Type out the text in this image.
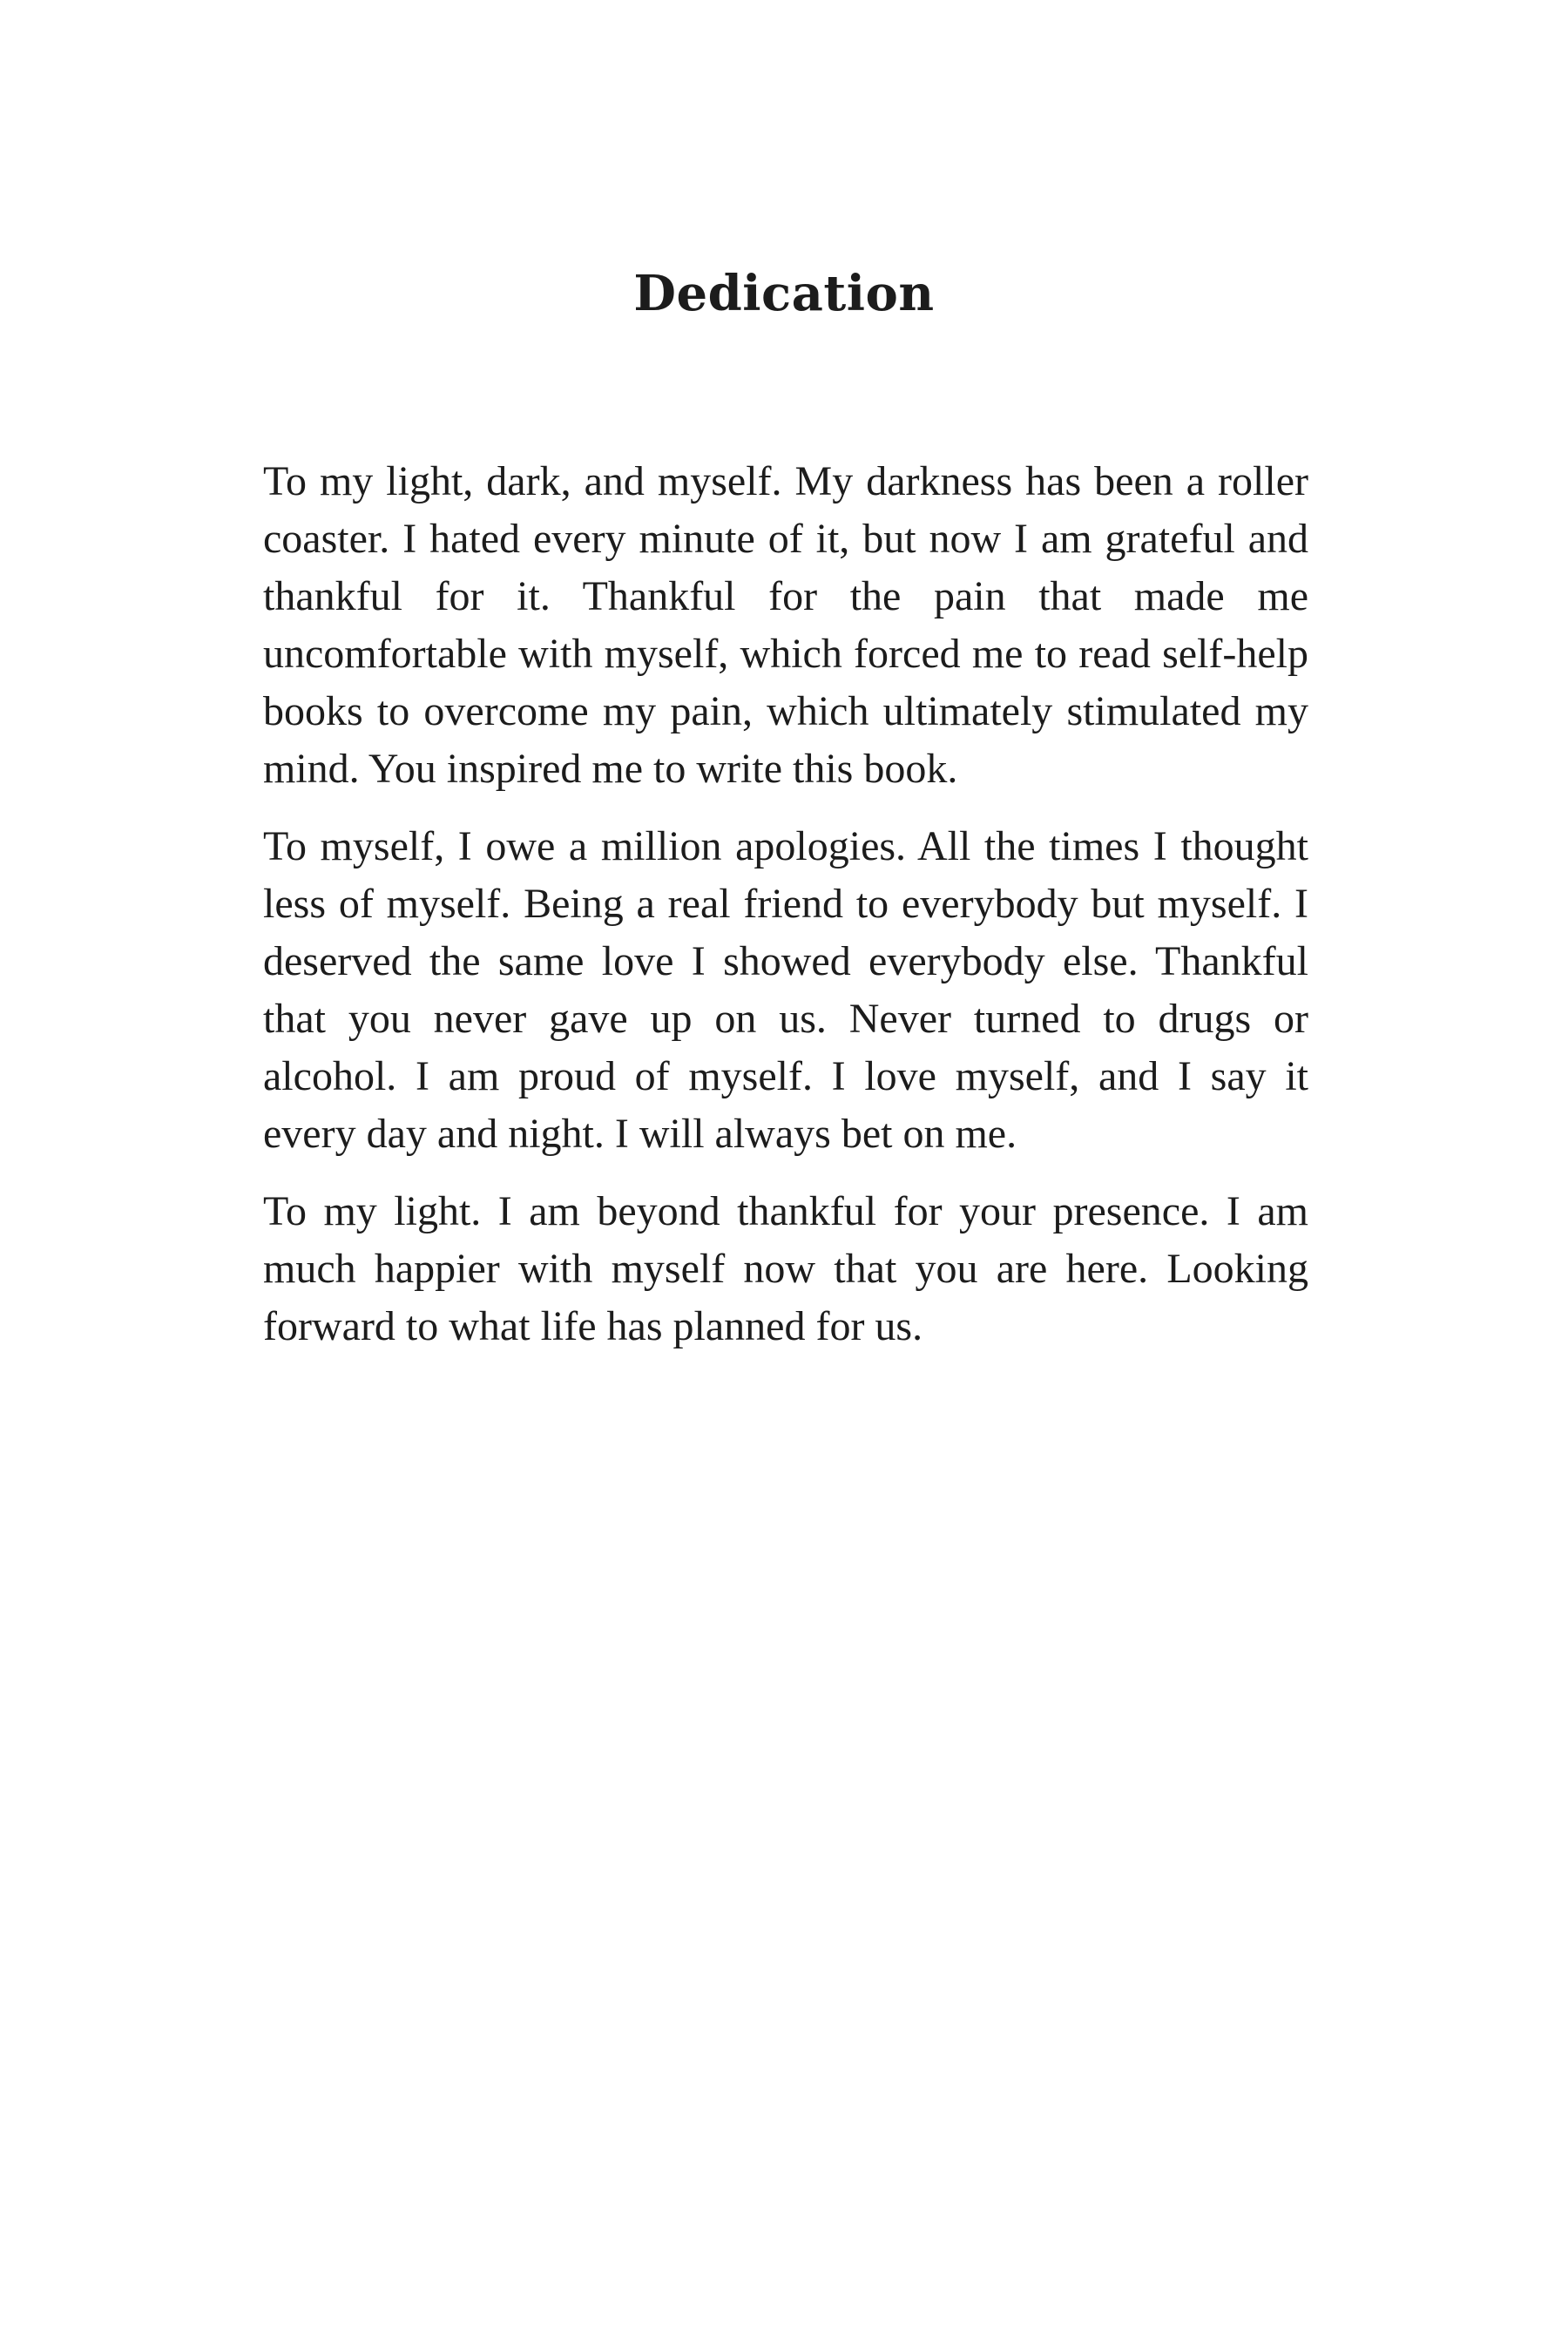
Dedication

To my light, dark, and myself. My darkness has been a roller coaster. I hated every minute of it, but now I am grateful and thankful for it. Thankful for the pain that made me uncomfortable with myself, which forced me to read self-help books to overcome my pain, which ultimately stimulated my mind. You inspired me to write this book.

To myself, I owe a million apologies. All the times I thought less of myself. Being a real friend to everybody but myself. I deserved the same love I showed everybody else. Thankful that you never gave up on us. Never turned to drugs or alcohol. I am proud of myself. I love myself, and I say it every day and night. I will always bet on me.

To my light. I am beyond thankful for your presence. I am much happier with myself now that you are here. Looking forward to what life has planned for us.
